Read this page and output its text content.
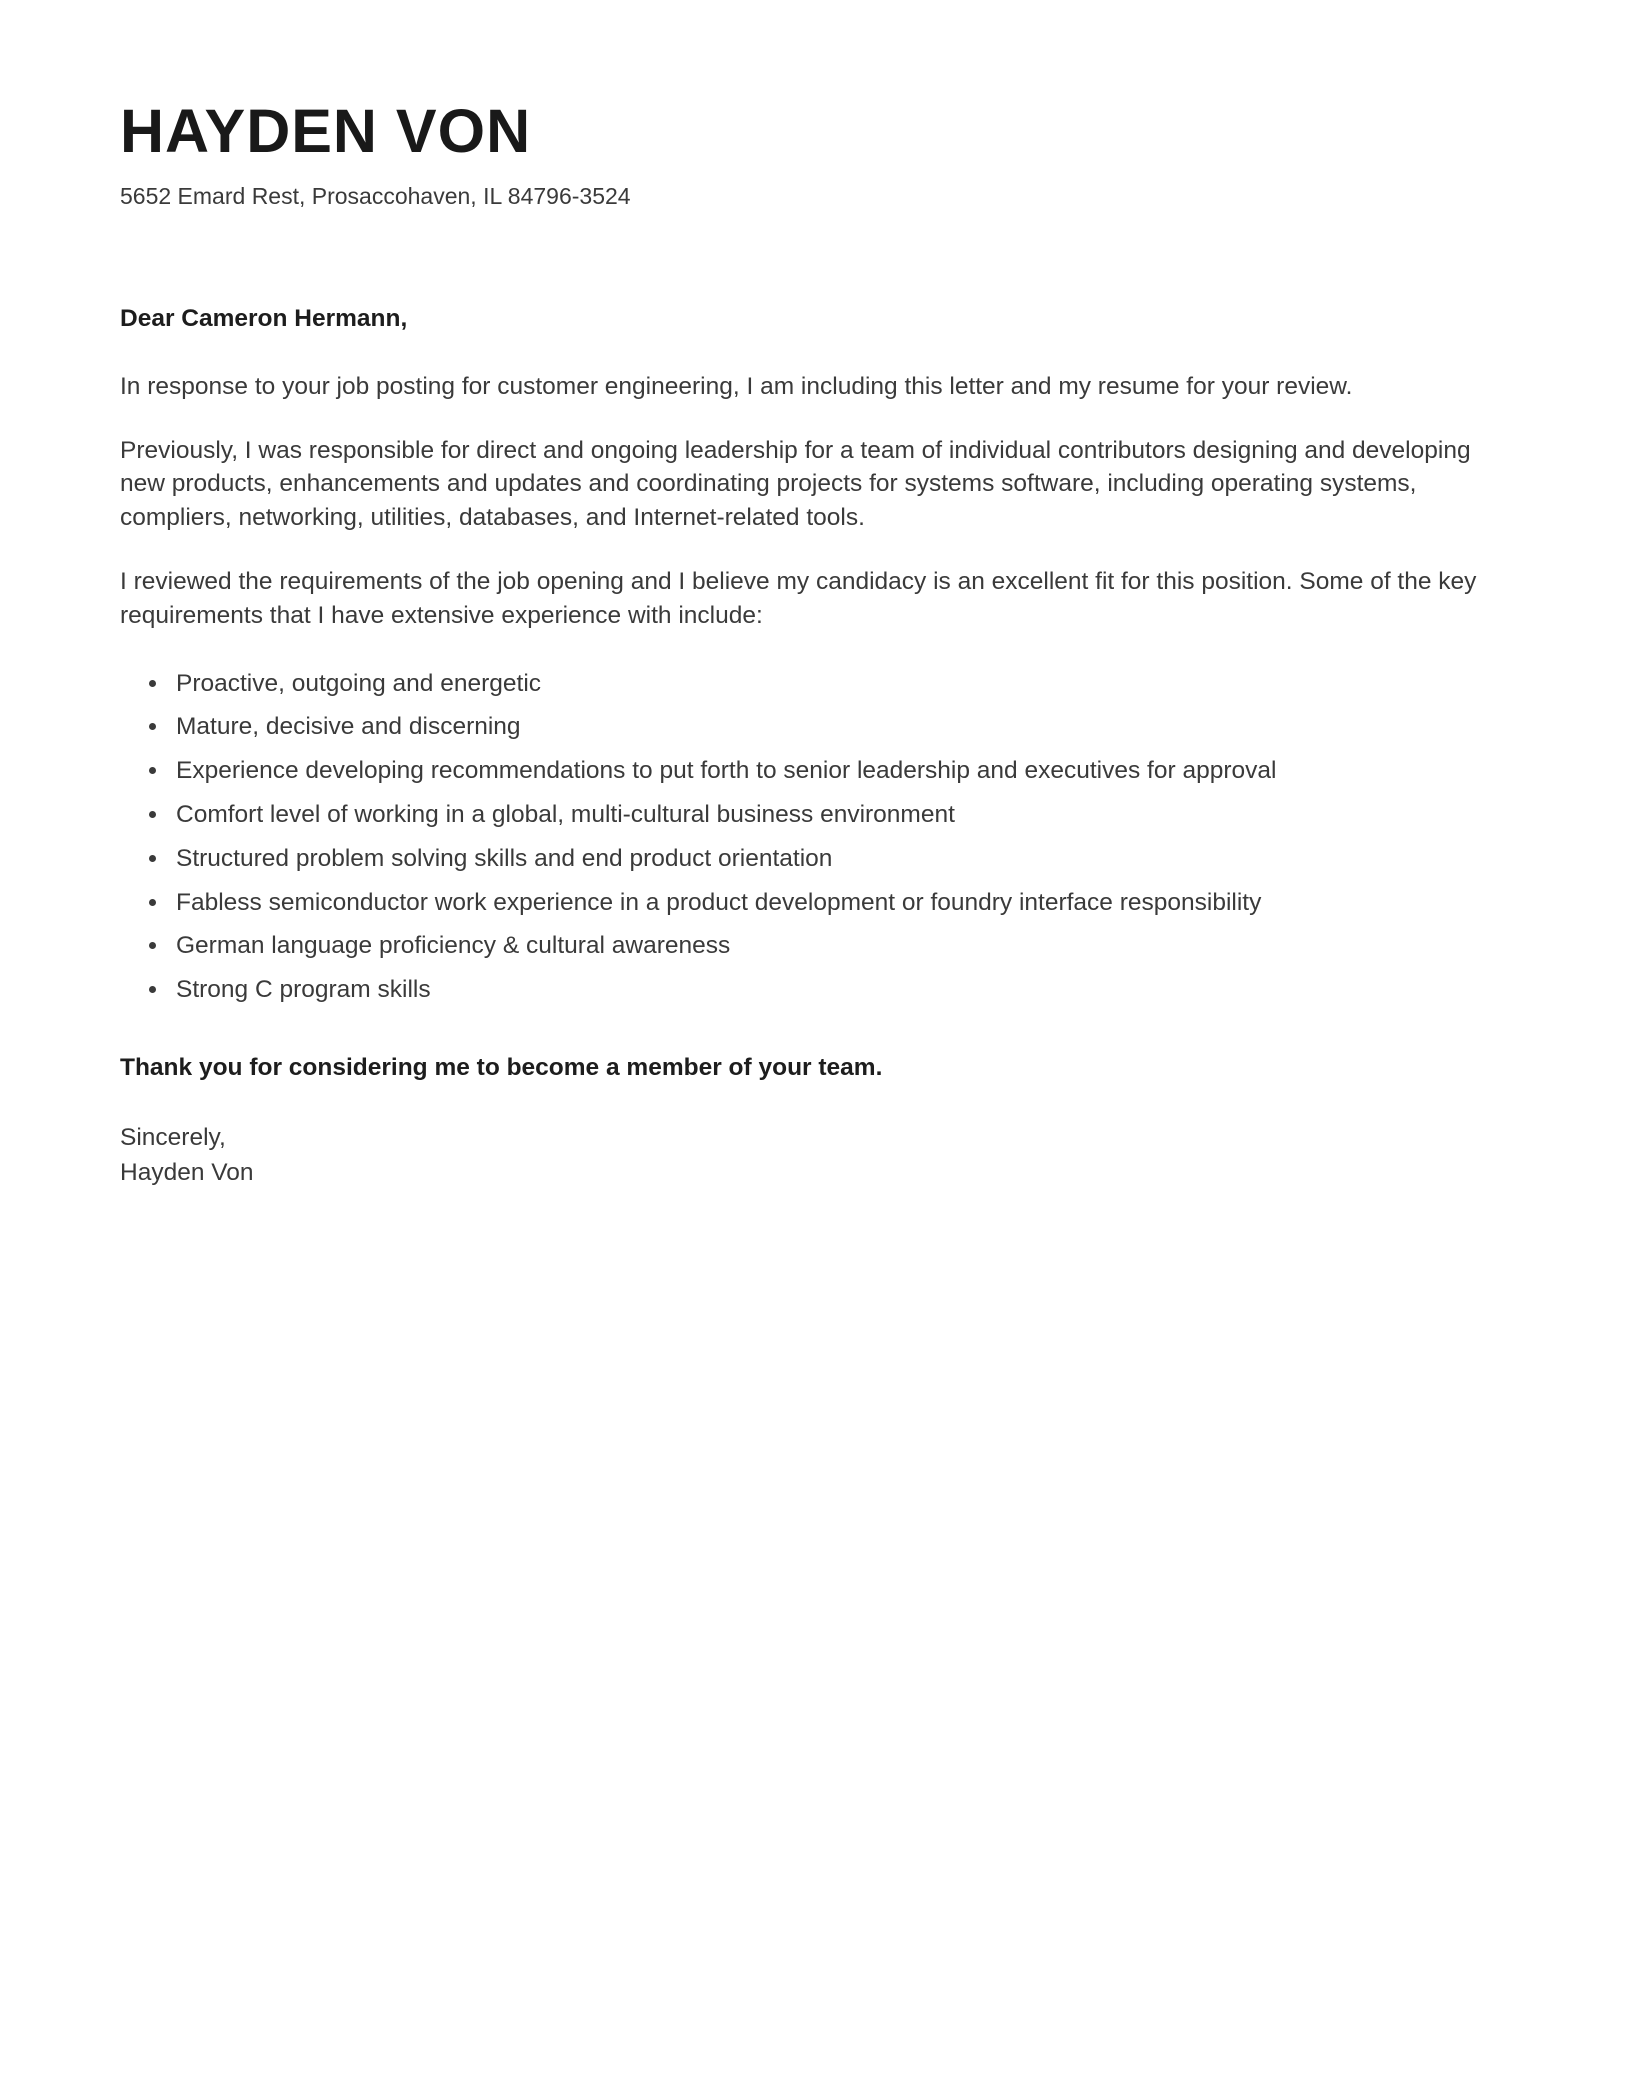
HAYDEN VON
5652 Emard Rest, Prosaccohaven, IL 84796-3524

Dear Cameron Hermann,

In response to your job posting for customer engineering, I am including this letter and my resume for your review.

Previously, I was responsible for direct and ongoing leadership for a team of individual contributors designing and developing new products, enhancements and updates and coordinating projects for systems software, including operating systems, compliers, networking, utilities, databases, and Internet-related tools.

I reviewed the requirements of the job opening and I believe my candidacy is an excellent fit for this position. Some of the key requirements that I have extensive experience with include:

• Proactive, outgoing and energetic
• Mature, decisive and discerning
• Experience developing recommendations to put forth to senior leadership and executives for approval
• Comfort level of working in a global, multi-cultural business environment
• Structured problem solving skills and end product orientation
• Fabless semiconductor work experience in a product development or foundry interface responsibility
• German language proficiency & cultural awareness
• Strong C program skills

Thank you for considering me to become a member of your team.

Sincerely,
Hayden Von
